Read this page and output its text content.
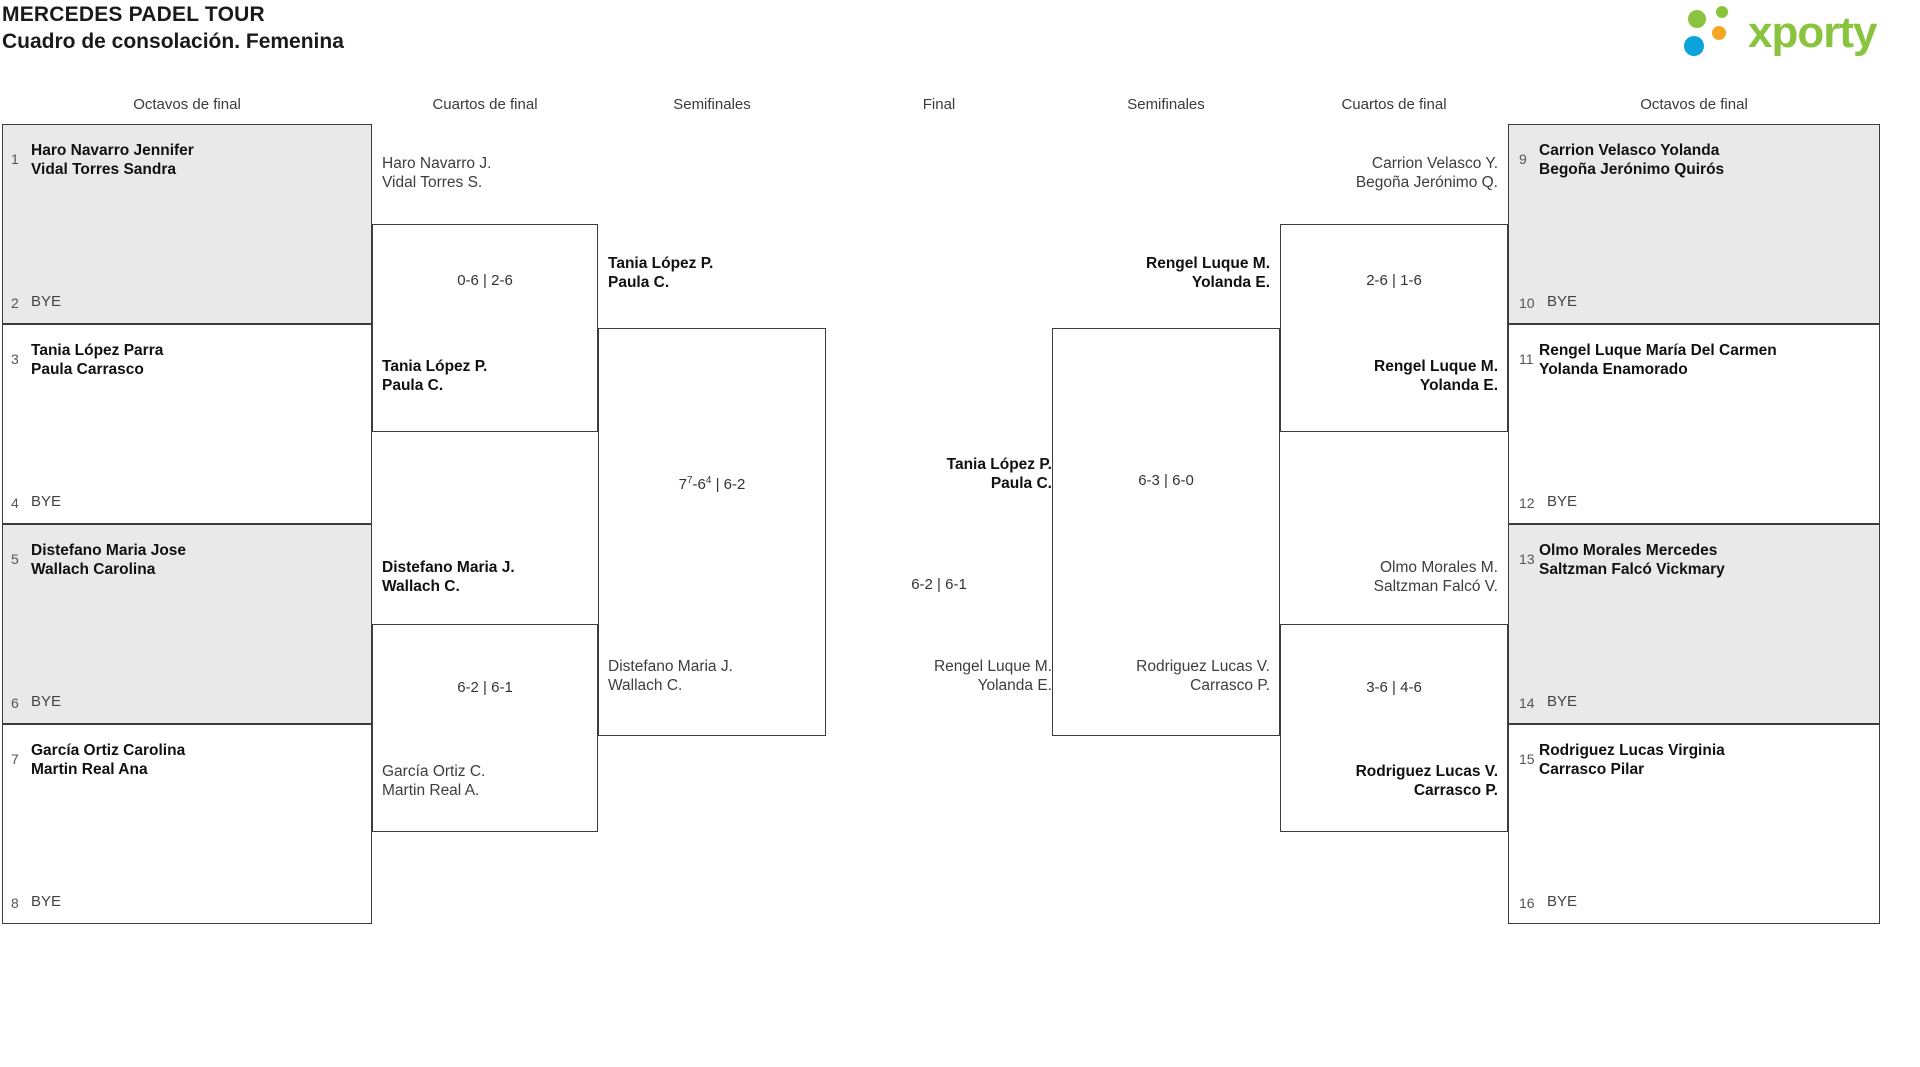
MERCEDES PADEL TOUR
Cuadro de consolación. Femenina	xporty
Octavos de final	Cuartos de final	Semifinales	Final	Semifinales	Cuartos de final	Octavos de final
1 Haro Navarro Jennifer
Vidal Torres Sandra
2 BYE
3 Tania López Parra
Paula Carrasco
4 BYE
5 Distefano Maria Jose
Wallach Carolina
6 BYE
7 García Ortiz Carolina
Martin Real Ana
8 BYE
Haro Navarro J.
Vidal Torres S.
0-6 | 2-6
Tania López P.
Paula C.
Distefano Maria J.
Wallach C.
6-2 | 6-1
García Ortiz C.
Martin Real A.
Tania López P.
Paula C.
$7^7-6^4$ | 6-2
Distefano Maria J.
Wallach C.
Tania López P.
Paula C.
6-2 | 6-1
Rengel Luque M.
Yolanda E.
Rengel Luque M.
Yolanda E.
6-3 | 6-0
Rodriguez Lucas V.
Carrasco P.
Carrion Velasco Y.
Begoña Jerónimo Q.
2-6 | 1-6
Rengel Luque M.
Yolanda E.
Olmo Morales M.
Saltzman Falcó V.
3-6 | 4-6
Rodriguez Lucas V.
Carrasco P.
9 Carrion Velasco Yolanda
Begoña Jerónimo Quirós
10 BYE
11 Rengel Luque María Del Carmen
Yolanda Enamorado
12 BYE
13 Olmo Morales Mercedes
Saltzman Falcó Vickmary
14 BYE
15 Rodriguez Lucas Virginia
Carrasco Pilar
16 BYE
